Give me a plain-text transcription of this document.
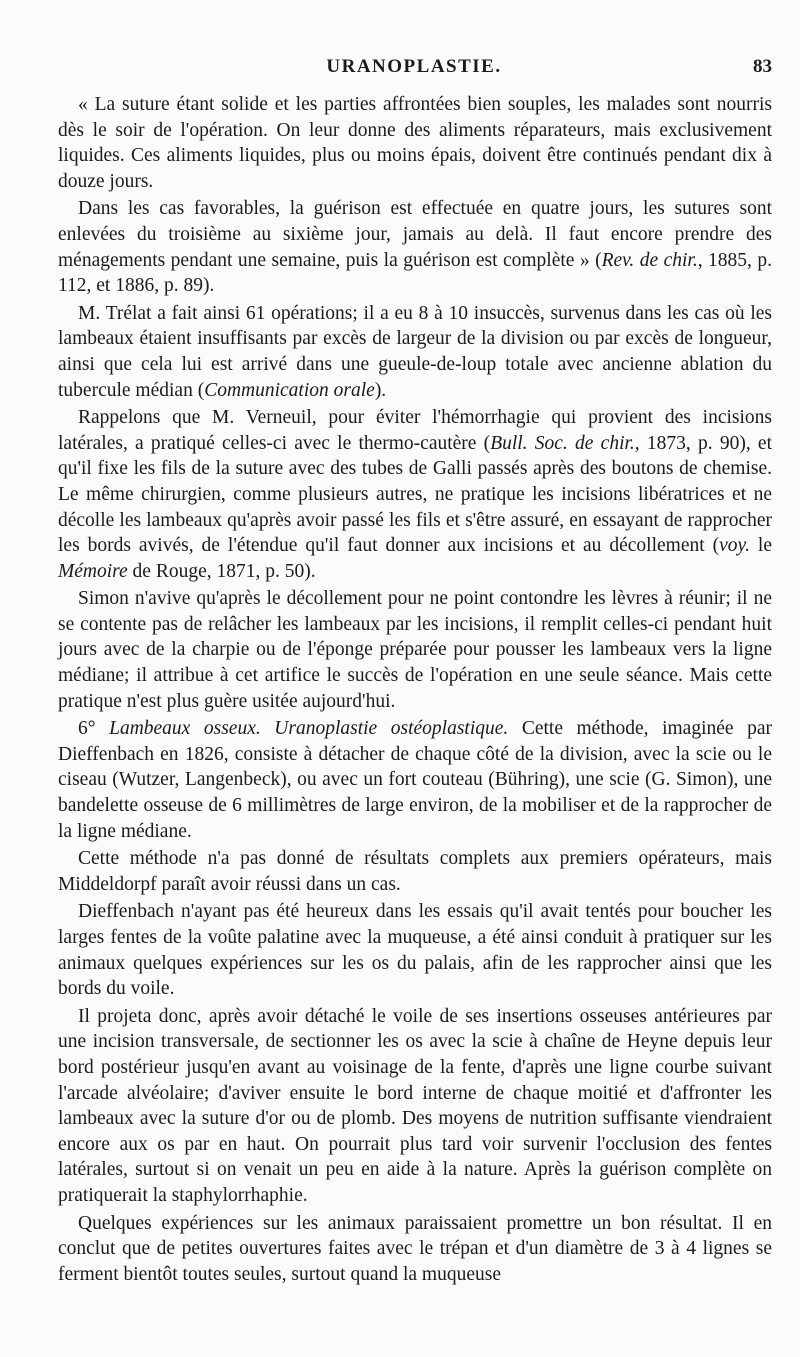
URANOPLASTIE.	83

« La suture étant solide et les parties affrontées bien souples, les malades sont nourris dès le soir de l'opération. On leur donne des aliments réparateurs, mais exclusivement liquides. Ces aliments liquides, plus ou moins épais, doivent être continués pendant dix à douze jours.

Dans les cas favorables, la guérison est effectuée en quatre jours, les sutures sont enlevées du troisième au sixième jour, jamais au delà. Il faut encore prendre des ménagements pendant une semaine, puis la guérison est complète » (Rev. de chir., 1885, p. 112, et 1886, p. 89).

M. Trélat a fait ainsi 61 opérations; il a eu 8 à 10 insuccès, survenus dans les cas où les lambeaux étaient insuffisants par excès de largeur de la division ou par excès de longueur, ainsi que cela lui est arrivé dans une gueule-de-loup totale avec ancienne ablation du tubercule médian (Communication orale).

Rappelons que M. Verneuil, pour éviter l'hémorrhagie qui provient des incisions latérales, a pratiqué celles-ci avec le thermo-cautère (Bull. Soc. de chir., 1873, p. 90), et qu'il fixe les fils de la suture avec des tubes de Galli passés après des boutons de chemise. Le même chirurgien, comme plusieurs autres, ne pratique les incisions libératrices et ne décolle les lambeaux qu'après avoir passé les fils et s'être assuré, en essayant de rapprocher les bords avivés, de l'étendue qu'il faut donner aux incisions et au décollement (voy. le Mémoire de Rouge, 1871, p. 50).

Simon n'avive qu'après le décollement pour ne point contondre les lèvres à réunir; il ne se contente pas de relâcher les lambeaux par les incisions, il remplit celles-ci pendant huit jours avec de la charpie ou de l'éponge préparée pour pousser les lambeaux vers la ligne médiane; il attribue à cet artifice le succès de l'opération en une seule séance. Mais cette pratique n'est plus guère usitée aujourd'hui.

6° Lambeaux osseux. Uranoplastie ostéoplastique. Cette méthode, imaginée par Dieffenbach en 1826, consiste à détacher de chaque côté de la division, avec la scie ou le ciseau (Wutzer, Langenbeck), ou avec un fort couteau (Bühring), une scie (G. Simon), une bandelette osseuse de 6 millimètres de large environ, de la mobiliser et de la rapprocher de la ligne médiane.

Cette méthode n'a pas donné de résultats complets aux premiers opérateurs, mais Middeldorpf paraît avoir réussi dans un cas.

Dieffenbach n'ayant pas été heureux dans les essais qu'il avait tentés pour boucher les larges fentes de la voûte palatine avec la muqueuse, a été ainsi conduit à pratiquer sur les animaux quelques expériences sur les os du palais, afin de les rapprocher ainsi que les bords du voile.

Il projeta donc, après avoir détaché le voile de ses insertions osseuses antérieures par une incision transversale, de sectionner les os avec la scie à chaîne de Heyne depuis leur bord postérieur jusqu'en avant au voisinage de la fente, d'après une ligne courbe suivant l'arcade alvéolaire; d'aviver ensuite le bord interne de chaque moitié et d'affronter les lambeaux avec la suture d'or ou de plomb. Des moyens de nutrition suffisante viendraient encore aux os par en haut. On pourrait plus tard voir survenir l'occlusion des fentes latérales, surtout si on venait un peu en aide à la nature. Après la guérison complète on pratiquerait la staphylorrhaphie.

Quelques expériences sur les animaux paraissaient promettre un bon résultat. Il en conclut que de petites ouvertures faites avec le trépan et d'un diamètre de 3 à 4 lignes se ferment bientôt toutes seules, surtout quand la muqueuse
